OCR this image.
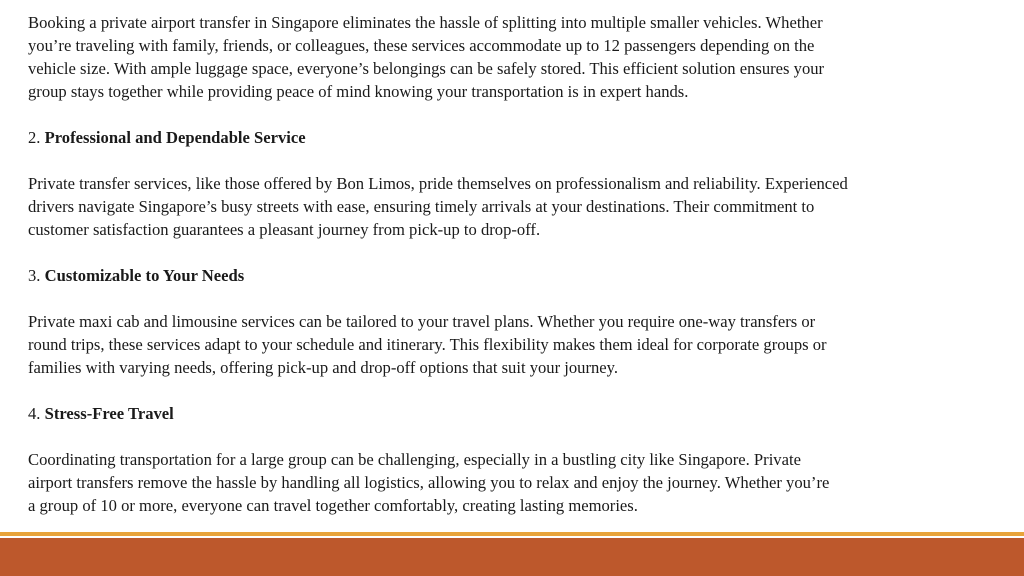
Booking a private airport transfer in Singapore eliminates the hassle of splitting into multiple smaller vehicles. Whether
you’re traveling with family, friends, or colleagues, these services accommodate up to 12 passengers depending on the
vehicle size. With ample luggage space, everyone’s belongings can be safely stored. This efficient solution ensures your
group stays together while providing peace of mind knowing your transportation is in expert hands.

2. Professional and Dependable Service

Private transfer services, like those offered by Bon Limos, pride themselves on professionalism and reliability. Experienced
drivers navigate Singapore’s busy streets with ease, ensuring timely arrivals at your destinations. Their commitment to
customer satisfaction guarantees a pleasant journey from pick-up to drop-off.

3. Customizable to Your Needs

Private maxi cab and limousine services can be tailored to your travel plans. Whether you require one-way transfers or
round trips, these services adapt to your schedule and itinerary. This flexibility makes them ideal for corporate groups or
families with varying needs, offering pick-up and drop-off options that suit your journey.

4. Stress-Free Travel

Coordinating transportation for a large group can be challenging, especially in a bustling city like Singapore. Private
airport transfers remove the hassle by handling all logistics, allowing you to relax and enjoy the journey. Whether you’re
a group of 10 or more, everyone can travel together comfortably, creating lasting memories.
